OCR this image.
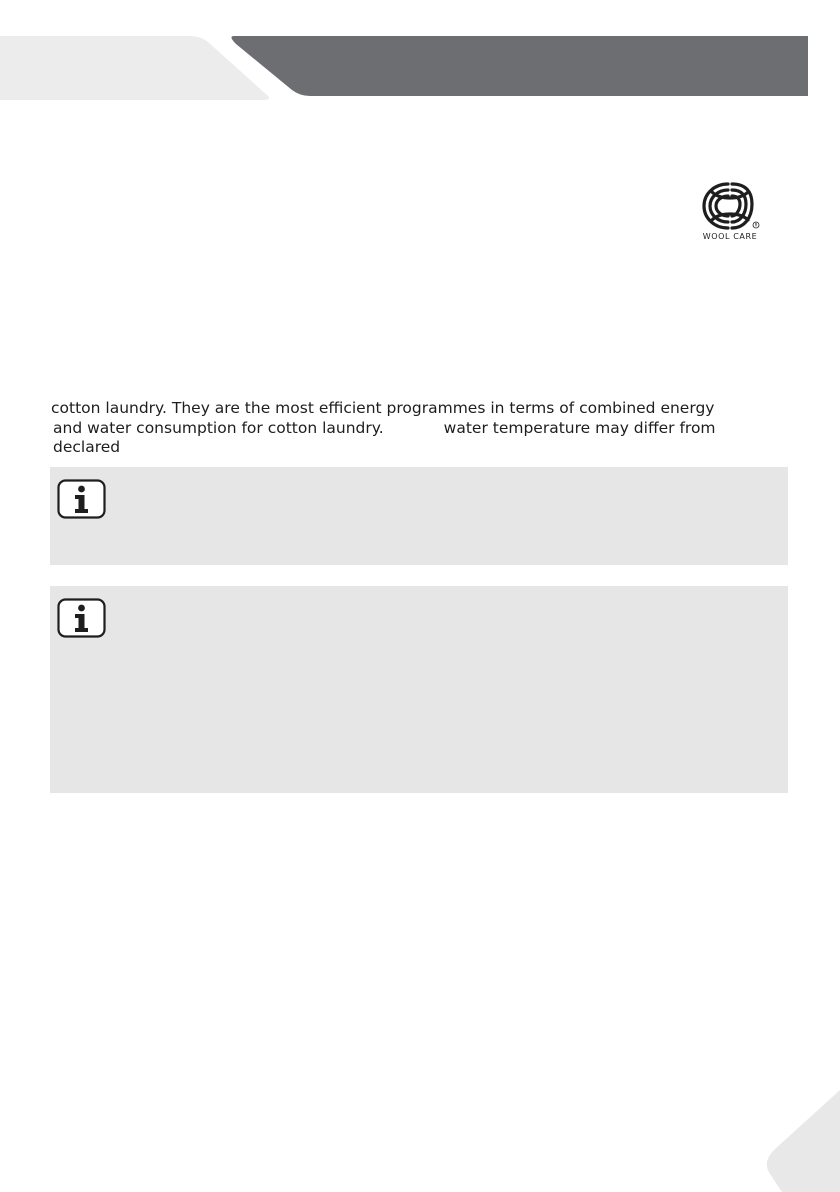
R
WOOL CARE
cotton laundry. They are the most efficient programmes in terms of combined energy
and water consumption for cotton laundry.	water temperature may differ from
declared
